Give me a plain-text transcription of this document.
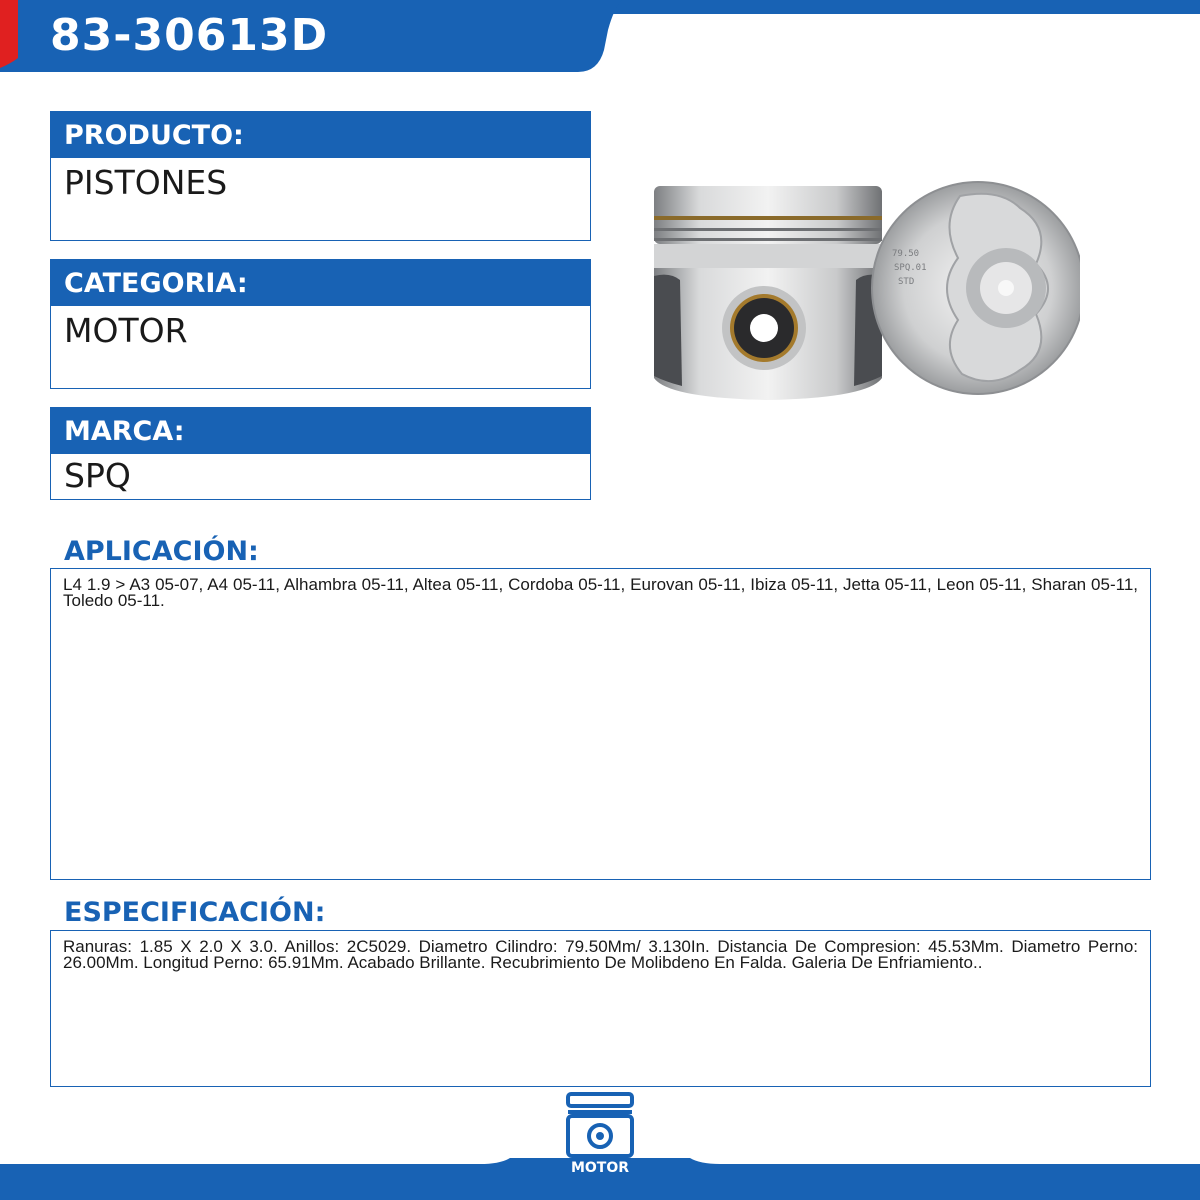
83-30613D
PRODUCTO:
PISTONES
CATEGORIA:
MOTOR
MARCA:
SPQ
79.50
SPQ.01
STD
APLICACIÓN:

L4 1.9 > A3 05-07, A4 05-11, Alhambra 05-11, Altea 05-11, Cordoba 05-11, Eurovan 05-11, Ibiza 05-11, Jetta 05-11, Leon 05-11, Sharan 05-11, Toledo 05-11.

ESPECIFICACIÓN:

Ranuras: 1.85 X 2.0 X 3.0. Anillos: 2C5029. Diametro Cilindro: 79.50Mm/ 3.130In. Distancia De Compresion: 45.53Mm. Diametro Perno: 26.00Mm. Longitud Perno: 65.91Mm. Acabado Brillante. Recubrimiento De Molibdeno En Falda. Galeria De Enfriamiento..

MOTOR
